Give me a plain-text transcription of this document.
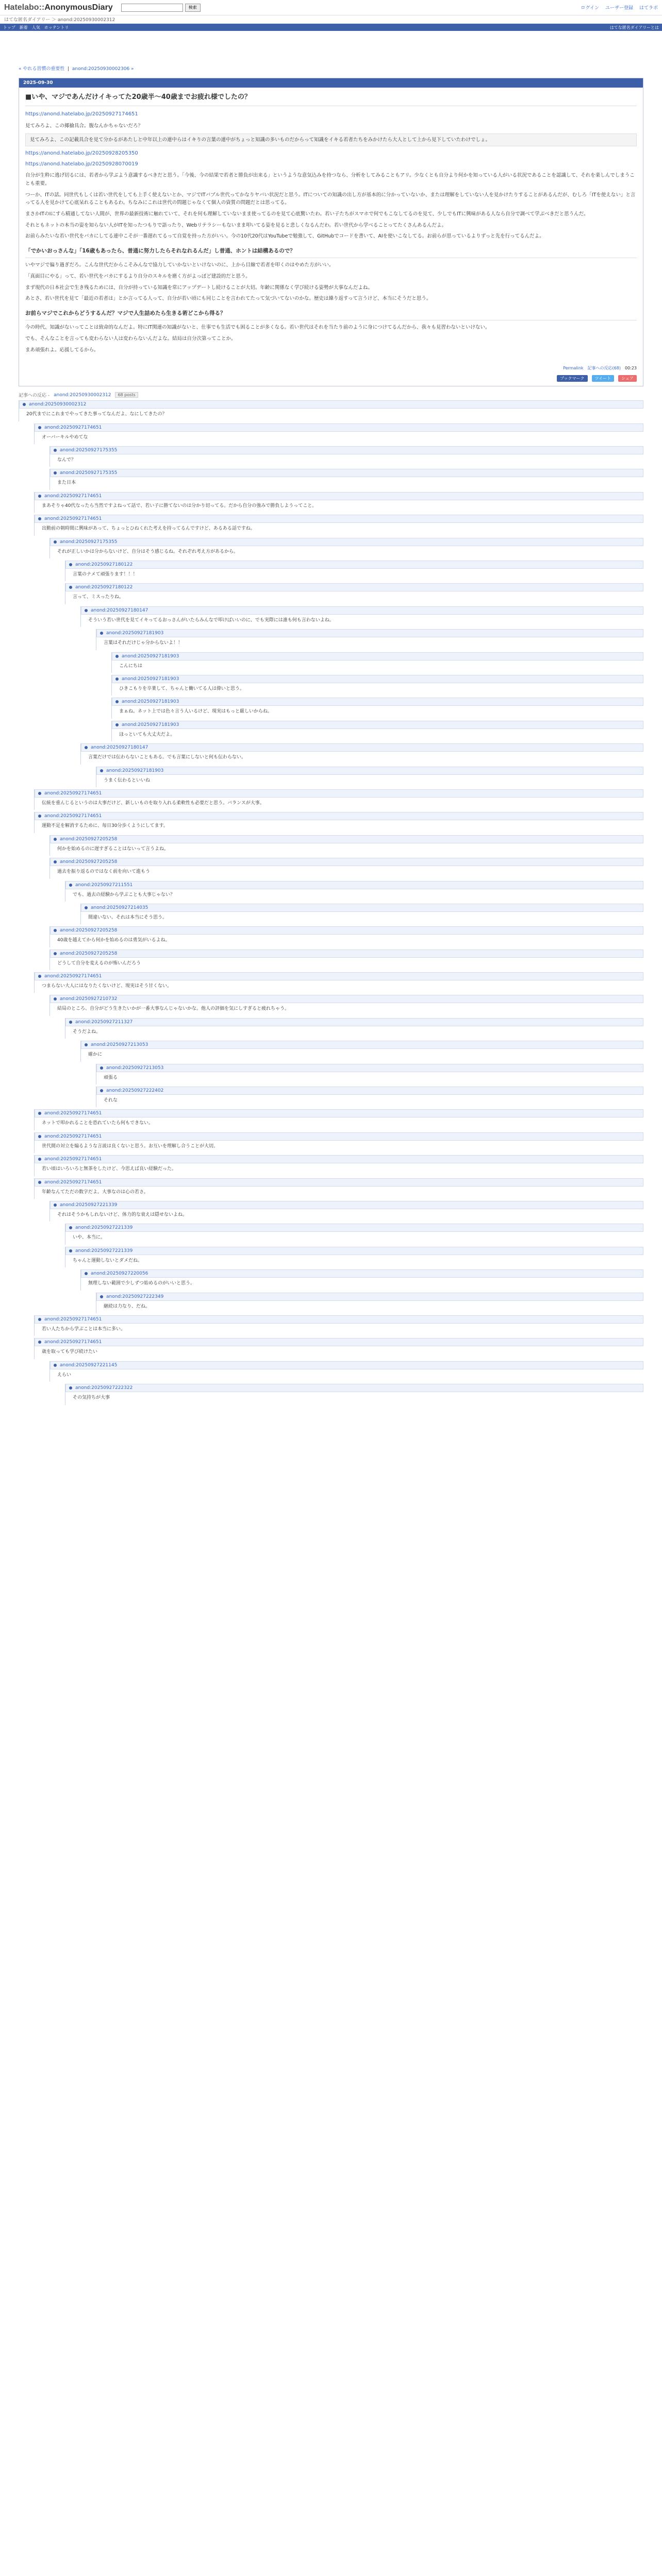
Hatelabo::AnonymousDiary	検索	ログイン ユーザー登録 はてラボ
はてな匿名ダイアリー ＞ anond:20250930002312
トップ 新着 人気 ホッテントリ	はてな匿名ダイアリーとは
« やれる習慣の重要性  |  anond:20250930002306 »
2025-09-30
■いや、マジであんだけイキってた20歳半〜40歳までお疲れ様でしたの？
https://anond.hatelabo.jp/20250927174651

見てみろよ、この揶揄具合。腹なんかちゃないだろ？

見てみろよ、この記載具合を見て分かるがあたしと中年以上の連中らはイキりの言葉の連中がちょっと知識の多いものだからって知識をイキる若者たちをみかけたら大人として上から見下していたわけでしょ。
https://anond.hatelabo.jp/20250928205350
https://anond.hatelabo.jp/20250928070019

自分が生粋に逃げ切るには、若者から学ぶよう意識するべきだと思う。「今後、今の結果で若者と勝負が出来る」というような意気込みを持つなら、分析をしてみることもアリ。少なくとも自分より何かを知っている人がいる状況であることを認識して、それを楽しんでしまうことも重要。

つーか、ITの話。同世代もしくは若い世代をしても上手く使えないとか、マジでITバブル世代ってかなりヤバい状況だと思う。ITについての知識の出し方が基本的に分かっていないか、または理解をしていない人を見かけたりすることがあるんだが、むしろ「ITを使えない」と言ってる人を見かけて心底呆れることもあるわ。ちなみにこれは世代の問題じゃなくて個人の資質の問題だとは思ってる。

まさかITのIにすら精通してない人間が、世界の最新技術に触れていて、それを何も理解していないまま使ってるのを見て心底驚いたわ。若い子たちがスマホで何でもこなしてるのを見て、少しでもITに興味がある人なら自分で調べて学ぶべきだと思うんだ。

それともネットの本当の姿を知らない人がITを知ったつもりで語ったり、Webリテラシーもないまま叩いてる姿を見ると悲しくなるんだわ。若い世代から学べることってたくさんあるんだよ。

お前らみたいな若い世代をバカにしてる連中こそが一番遅れてるって自覚を持った方がいい。今の10代20代はYouTubeで勉強して、GitHubでコードを書いて、AIを使いこなしてる。お前らが思っているよりずっと先を行ってるんだよ。

「でかいおっさんな」「16歳もあったら、普通に努力したらそれなれるんだ」し普通、ホントは結構あるので？

いやマジで偏り過ぎだろ。こんな世代だからこそみんなで協力していかないといけないのに、上から目線で若者を叩くのはやめた方がいい。

「真面目にやる」って、若い世代をバカにするより自分のスキルを磨く方がよっぽど建設的だと思う。

まず現代の日本社会で生き残るためには、自分が持っている知識を常にアップデートし続けることが大切。年齢に関係なく学び続ける姿勢が大事なんだよね。

あとさ、若い世代を見て「最近の若者は」とか言ってる人って、自分が若い頃にも同じことを言われてたって気づいてないのかな。歴史は繰り返すって言うけど、本当にそうだと思う。

お前らマジでこれからどうするんだ？マジで人生詰めたら生きる術どこから得る？

今の時代、知識がないってことは致命的なんだよ。特にIT関連の知識がないと、仕事でも生活でも困ることが多くなる。若い世代はそれを当たり前のように身につけてるんだから、我々も見習わないといけない。

でも、そんなことを言っても変わらない人は変わらないんだよな。結局は自分次第ってことか。

まあ頑張れよ。応援してるから。

Permalink 記事への反応(68) 00:23
ブックマーク	ツイート	シェア
記事への反応 - anond:20250930002312	68 posts
anond:20250930002312
20代までにこれまでやってきた事ってなんだよ、なにしてきたの？
anond:20250927174651
オーバーキルやめてな
anond:20250927175355
なんで？
anond:20250927175355
また日本
anond:20250927174651
まあそりゃ40代なったら当然ですよねって話で、若い子に勝てないのは分かり切ってる。だから自分の強みで勝負しようってこと。
anond:20250927174651
出勤前の朝時間に興味があって、ちょっとひねくれた考えを持ってるんですけど、あるある話ですね。
anond:20250927175355
それが正しいかは分からないけど、自分はそう感じるね。それぞれ考え方があるから。
anond:20250927180122
言葉のナメて頑張ります！！！
anond:20250927180122
言って、ミスったりね。
anond:20250927180147
そういう若い世代を見てイキってるおっさんがいたらみんなで叩けばいいのに、でも実際には誰も何も言わないよね。
anond:20250927181903
言葉はそれだけじゃ分からないよ！！
anond:20250927181903
こんにちは
anond:20250927181903
ひきこもりを卒業して、ちゃんと働いてる人は偉いと思う。
anond:20250927181903
まぁね。ネット上では色々言う人いるけど、現実はもっと厳しいからね。
anond:20250927181903
ほっといても大丈夫だよ。
anond:20250927180147
言葉だけでは伝わらないこともある。でも言葉にしないと何も伝わらない。
anond:20250927181903
うまく伝わるといいね
anond:20250927174651
伝統を重んじるというのは大事だけど、新しいものを取り入れる柔軟性も必要だと思う。バランスが大事。
anond:20250927174651
運動不足を解消するために、毎日30分歩くようにしてます。
anond:20250927205258
何かを始めるのに遅すぎることはないって言うよね。
anond:20250927205258
過去を振り返るのではなく前を向いて進もう
anond:20250927211551
でも、過去の経験から学ぶことも大事じゃない？
anond:20250927214035
間違いない。それは本当にそう思う。
anond:20250927205258
40歳を越えてから何かを始めるのは勇気がいるよね。
anond:20250927205258
どうして自分を変えるのが怖いんだろう
anond:20250927174651
つまらない大人にはなりたくないけど、現実はそう甘くない。
anond:20250927210732
結局のところ、自分がどう生きたいかが一番大事なんじゃないかな。他人の評価を気にしすぎると疲れちゃう。
anond:20250927211327
そうだよね。
anond:20250927213053
確かに
anond:20250927213053
頑張る
anond:20250927222402
それな
anond:20250927174651
ネットで叩かれることを恐れていたら何もできない。
anond:20250927174651
世代間の対立を煽るような言説は良くないと思う。お互いを理解し合うことが大切。
anond:20250927174651
若い頃はいろいろと無茶をしたけど、今思えば良い経験だった。
anond:20250927174651
年齢なんてただの数字だよ。大事なのは心の若さ。
anond:20250927221339
それはそうかもしれないけど、体力的な衰えは隠せないよね。
anond:20250927221339
いや、本当に。
anond:20250927221339
ちゃんと運動しないとダメだね。
anond:20250927220056
無理しない範囲で少しずつ始めるのがいいと思う。
anond:20250927222349
継続は力なり、だね。
anond:20250927174651
若い人たちから学ぶことは本当に多い。
anond:20250927174651
歳を取っても学び続けたい
anond:20250927221145
えらい
anond:20250927222322
その気持ちが大事
